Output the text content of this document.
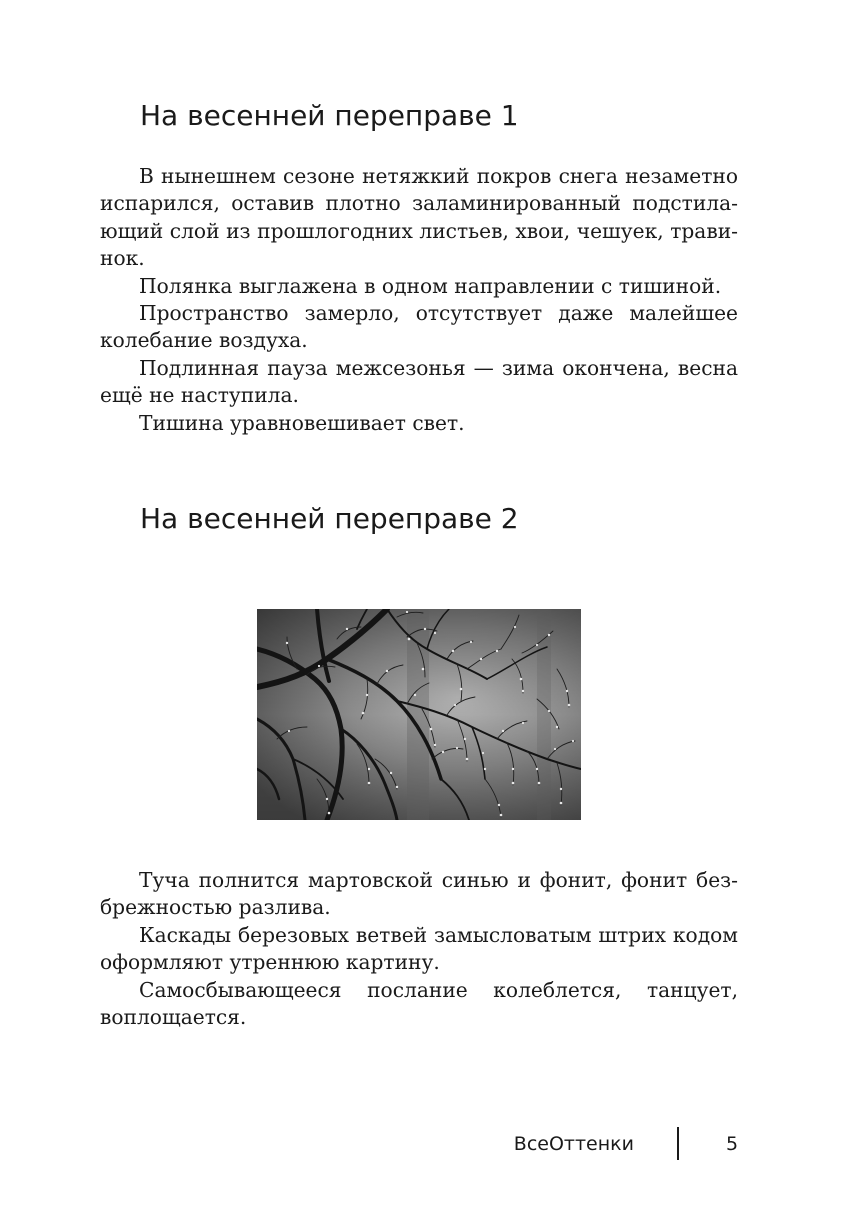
На весенней переправе 1

В нынешнем сезоне нетяжкий покров снега незаметно испарился, оставив плотно заламинированный подстилающий слой из прошлогодних листьев, хвои, чешуек, травинок.

Полянка выглажена в одном направлении с тишиной.

Пространство замерло, отсутствует даже малейшее колебание воздуха.

Подлинная пауза межсезонья — зима окончена, весна ещё не наступила.

Тишина уравновешивает свет.

На весенней переправе 2

Туча полнится мартовской синью и фонит, фонит безбрежностью разлива.

Каскады березовых ветвей замысловатым штрих кодом оформляют утреннюю картину.

Самосбывающееся послание колеблется, танцует, воплощается.

ВсеОттенки	5
